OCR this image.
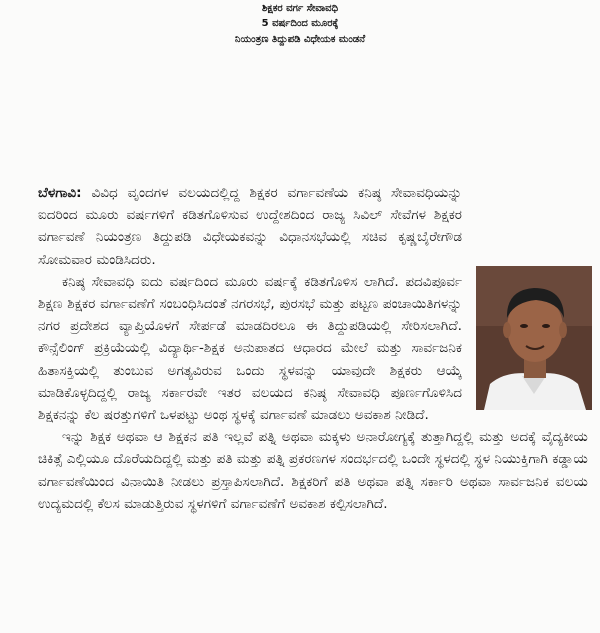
ಶಿಕ್ಷಕರ ವರ್ಗ ಸೇವಾವಧಿ
5 ವರ್ಷದಿಂದ ಮೂರಕ್ಕೆ
ನಿಯಂತ್ರಣ ತಿದ್ದುಪಡಿ ವಿಧೇಯಕ ಮಂಡನೆ

ಬೆಳಗಾವಿ: ವಿವಿಧ ವೃಂದಗಳ ವಲಯದಲ್ಲಿದ್ದ ಶಿಕ್ಷಕರ ವರ್ಗಾವಣೆಯ ಕನಿಷ್ಠ ಸೇವಾವಧಿಯನ್ನು ಐದರಿಂದ ಮೂರು ವರ್ಷಗಳಿಗೆ ಕಡಿತಗೊಳಿಸುವ ಉದ್ದೇಶದಿಂದ ರಾಜ್ಯ ಸಿವಿಲ್ ಸೇವೆಗಳ ಶಿಕ್ಷಕರ ವರ್ಗಾವಣೆ ನಿಯಂತ್ರಣ ತಿದ್ದುಪಡಿ ವಿಧೇಯಕವನ್ನು ವಿಧಾನಸಭೆಯಲ್ಲಿ ಸಚಿವ ಕೃಷ್ಣಬೈರೇಗೌಡ ಸೋಮವಾರ ಮಂಡಿಸಿದರು.

ಕನಿಷ್ಠ ಸೇವಾವಧಿ ಐದು ವರ್ಷದಿಂದ ಮೂರು ವರ್ಷಕ್ಕೆ ಕಡಿತಗೊಳಿಸ ಲಾಗಿದೆ. ಪದವಿಪೂರ್ವ ಶಿಕ್ಷಣ ಶಿಕ್ಷಕರ ವರ್ಗಾವಣೆಗೆ ಸಂಬಂಧಿಸಿದಂತೆ ನಗರಸಭೆ, ಪುರಸಭೆ ಮತ್ತು ಪಟ್ಟಣ ಪಂಚಾಯಿತಿಗಳನ್ನು ನಗರ ಪ್ರದೇಶದ ವ್ಯಾಪ್ತಿಯೊಳಗೆ ಸೇರ್ಪಡೆ ಮಾಡದಿರಲೂ ಈ ತಿದ್ದುಪಡಿಯಲ್ಲಿ ಸೇರಿಸಲಾಗಿದೆ. ಕೌನ್ಸೆಲಿಂಗ್ ಪ್ರಕ್ರಿಯೆಯಲ್ಲಿ ವಿದ್ಯಾರ್ಥಿ-ಶಿಕ್ಷಕ ಅನುಪಾತದ ಆಧಾರದ ಮೇಲೆ ಮತ್ತು ಸಾರ್ವಜನಿಕ ಹಿತಾಸಕ್ತಿಯಲ್ಲಿ ತುಂಬುವ ಅಗತ್ಯವಿರುವ ಒಂದು ಸ್ಥಳವನ್ನು ಯಾವುದೇ ಶಿಕ್ಷಕರು ಆಯ್ಕೆ ಮಾಡಿಕೊಳ್ಳದಿದ್ದಲ್ಲಿ ರಾಜ್ಯ ಸರ್ಕಾರವೇ ಇತರ ವಲಯದ ಕನಿಷ್ಠ ಸೇವಾವಧಿ ಪೂರ್ಣಗೊಳಿಸಿದ ಶಿಕ್ಷಕನನ್ನು ಕೆಲ ಷರತ್ತುಗಳಿಗೆ ಒಳಪಟ್ಟು ಅಂಥ ಸ್ಥಳಕ್ಕೆ ವರ್ಗಾವಣೆ ಮಾಡಲು ಅವಕಾಶ ನೀಡಿದೆ.

ಇನ್ನು ಶಿಕ್ಷಕ ಅಥವಾ ಆ ಶಿಕ್ಷಕನ ಪತಿ ಇಲ್ಲವೆ ಪತ್ನಿ ಅಥವಾ ಮಕ್ಕಳು ಅನಾರೋಗ್ಯಕ್ಕೆ ತುತ್ತಾಗಿದ್ದಲ್ಲಿ ಮತ್ತು ಅದಕ್ಕೆ ವೈದ್ಯಕೀಯ ಚಿಕಿತ್ಸೆ ಎಲ್ಲಿಯೂ ದೊರೆಯದಿದ್ದಲ್ಲಿ ಮತ್ತು ಪತಿ ಮತ್ತು ಪತ್ನಿ ಪ್ರಕರಣಗಳ ಸಂದರ್ಭದಲ್ಲಿ ಒಂದೇ ಸ್ಥಳದಲ್ಲಿ ಸ್ಥಳ ನಿಯುಕ್ತಿಗಾಗಿ ಕಡ್ಡಾಯ ವರ್ಗಾವಣೆಯಿಂದ ವಿನಾಯಿತಿ ನೀಡಲು ಪ್ರಸ್ತಾಪಿಸಲಾಗಿದೆ. ಶಿಕ್ಷಕರಿಗೆ ಪತಿ ಅಥವಾ ಪತ್ನಿ ಸರ್ಕಾರಿ ಅಥವಾ ಸಾರ್ವಜನಿಕ ವಲಯ ಉದ್ಯಮದಲ್ಲಿ ಕೆಲಸ ಮಾಡುತ್ತಿರುವ ಸ್ಥಳಗಳಿಗೆ ವರ್ಗಾವಣೆಗೆ ಅವಕಾಶ ಕಲ್ಪಿಸಲಾಗಿದೆ.
